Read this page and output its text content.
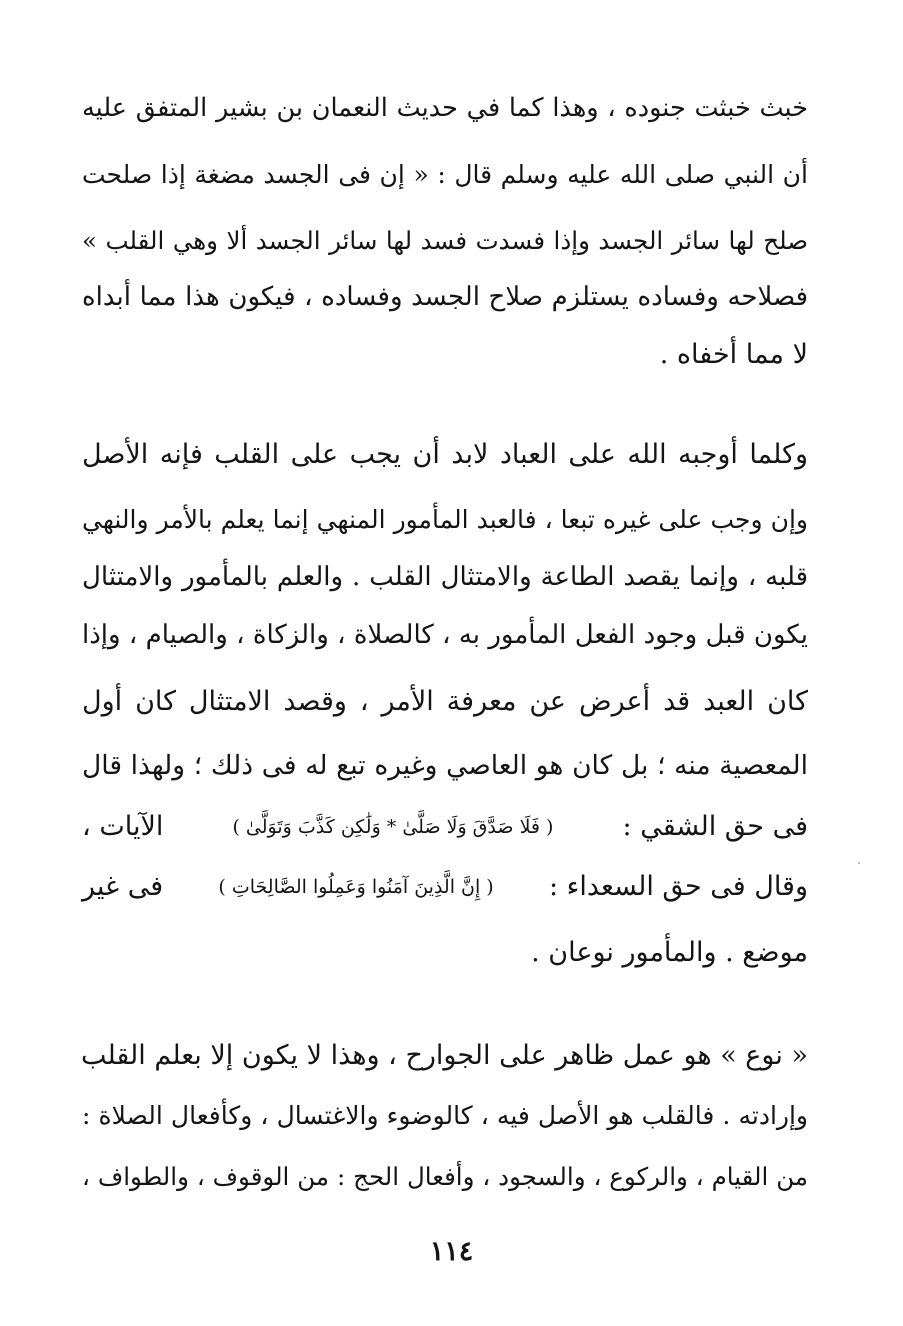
خبث خبثت جنوده ، وهذا كما في حديث النعمان بن بشير المتفق عليه
أن النبي صلى الله عليه وسلم قال : « إن فى الجسد مضغة إذا صلحت
صلح لها سائر الجسد وإذا فسدت فسد لها سائر الجسد ألا وهي القلب »
فصلاحه وفساده يستلزم صلاح الجسد وفساده ، فيكون هذا مما أبداه
لا مما أخفاه .
وكلما أوجبه الله على العباد لابد أن يجب على القلب فإنه الأصل
وإن وجب على غيره تبعا ، فالعبد المأمور المنهي إنما يعلم بالأمر والنهي
قلبه ، وإنما يقصد الطاعة والامتثال القلب . والعلم بالمأمور والامتثال
يكون قبل وجود الفعل المأمور به ، كالصلاة ، والزكاة ، والصيام ، وإذا
كان العبد قد أعرض عن معرفة الأمر ، وقصد الامتثال كان أول
المعصية منه ؛ بل كان هو العاصي وغيره تبع له فى ذلك ؛ ولهذا قال
فى حق الشقي :
( فَلَا صَدَّقَ وَلَا صَلَّىٰ * وَلَٰكِن كَذَّبَ وَتَوَلَّىٰ )
الآيات ،
وقال فى حق السعداء :
( إِنَّ الَّذِينَ آمَنُوا وَعَمِلُوا الصَّالِحَاتِ )
فى غير
موضع . والمأمور نوعان .
« نوع » هو عمل ظاهر على الجوارح ، وهذا لا يكون إلا بعلم القلب
وإرادته . فالقلب هو الأصل فيه ، كالوضوء والاغتسال ، وكأفعال الصلاة :
من القيام ، والركوع ، والسجود ، وأفعال الحج : من الوقوف ، والطواف ،
١١٤
